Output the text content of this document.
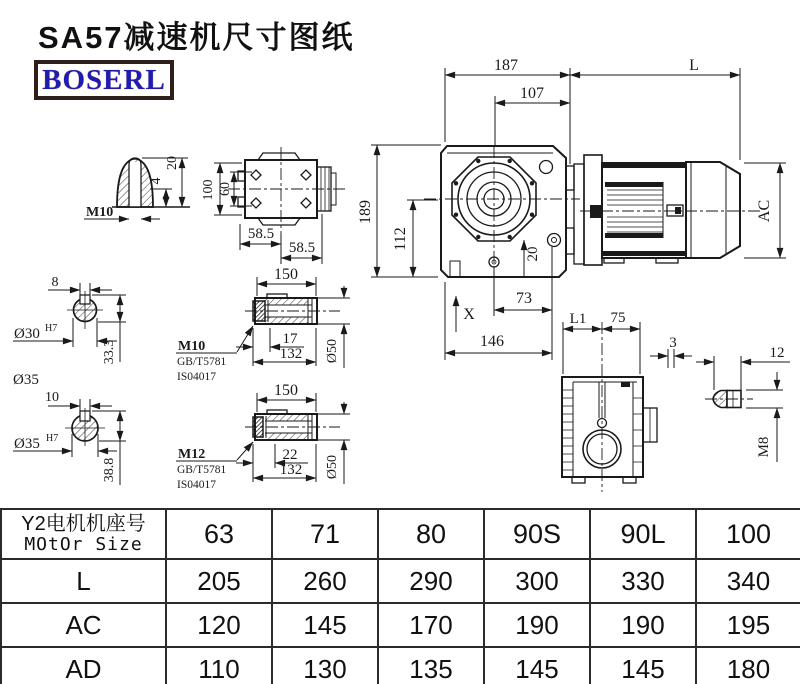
SA57减速机尺寸图纸
BOSERL	187	L
107
189
112
20
73
146
X
AC
100 60
58.5
58.5
M10
4
20
8
Ø30 H7
33.3
Ø35
10
Ø35 H7
38.8
150
M10
GB/T5781
IS04017
17
132 Ø50
150
M12
GB/T5781
IS04017
22
132 Ø50
L1 75
3
12
M8
Y2电机机座号
MOtOr Size	63	71	80	90S	90L	100
L	205	260	290	300	330	340
AC	120	145	170	190	190	195
AD	110	130	135	145	145	180
